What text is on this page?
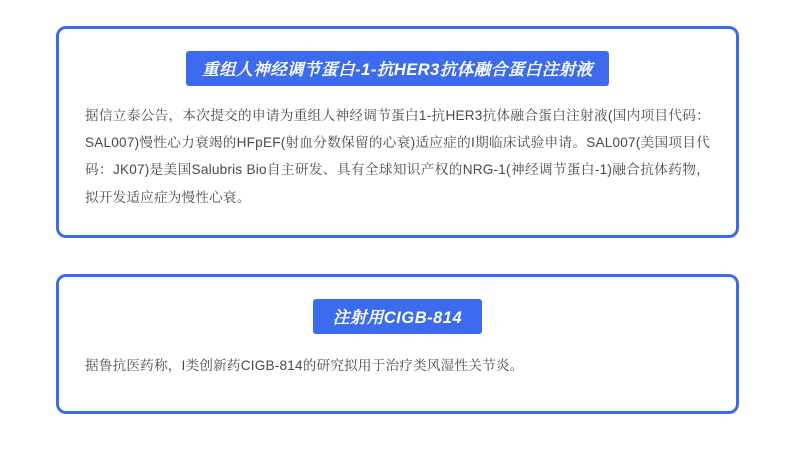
重组人神经调节蛋白-1-抗HER3抗体融合蛋白注射液
据信立泰公告，本次提交的申请为重组人神经调节蛋白1-抗HER3抗体融合蛋白注射液(国内项目代码： SAL007)慢性心力衰竭的HFpEF(射血分数保留的心衰)适应症的I期临床试验申请。SAL007(美国项目代码：JK07)是美国Salubris Bio自主研发、具有全球知识产权的NRG-1(神经调节蛋白-1)融合抗体药物，拟开发适应症为慢性心衰。
注射用CIGB-814
据鲁抗医药称，I类创新药CIGB-814的研究拟用于治疗类风湿性关节炎。
